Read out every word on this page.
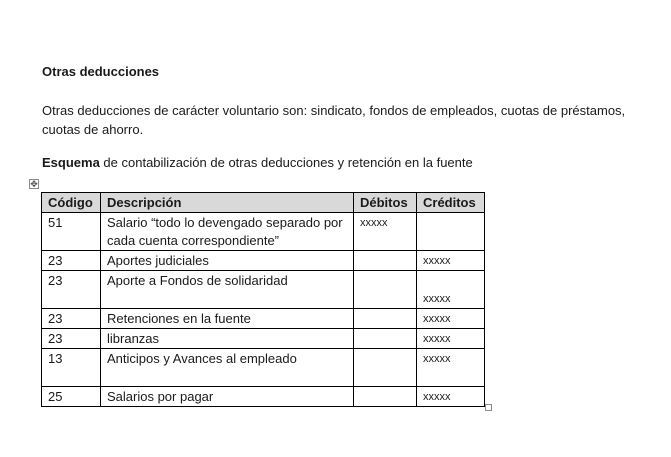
Otras deducciones
Otras deducciones de carácter voluntario son: sindicato, fondos de empleados, cuotas de préstamos, cuotas de ahorro.
Esquema de contabilización de otras deducciones y retención en la fuente
✥
Código	Descripción	Débitos	Créditos
51	Salario “todo lo devengado separado por cada cuenta correspondiente”	xxxxx	
23	Aportes judiciales		xxxxx
23	Aporte a Fondos de solidaridad		xxxxx
23	Retenciones en la fuente		xxxxx
23	libranzas		xxxxx
13	Anticipos y Avances al empleado		xxxxx
25	Salarios por pagar		xxxxx
